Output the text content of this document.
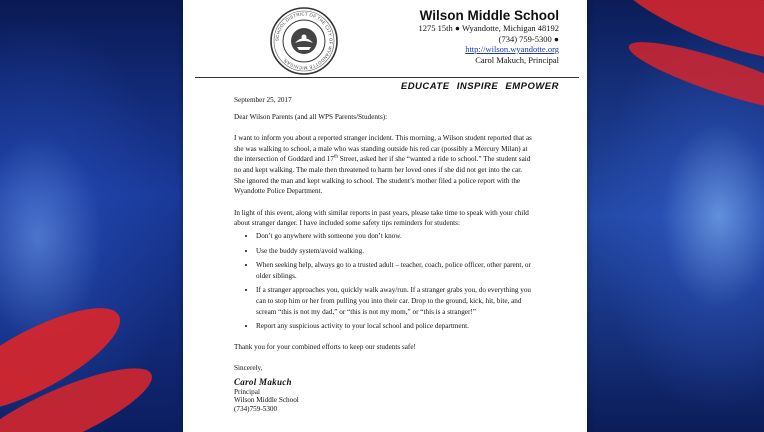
SCHOOL DISTRICT OF THE CITY OF WYANDOTTE MICHIGAN
Wilson Middle School
1275 15th ● Wyandotte, Michigan 48192
(734) 759-5300 ●
http://wilson.wyandotte.org
Carol Makuch, Principal
EDUCATE INSPIRE EMPOWER

September 25, 2017

Dear Wilson Parents (and all WPS Parents/Students):

I want to inform you about a reported stranger incident. This morning, a Wilson student reported that as she was walking to school, a male who was standing outside his red car (possibly a Mercury Milan) at the intersection of Goddard and 17th Street, asked her if she “wanted a ride to school.” The student said no and kept walking. The male then threatened to harm her loved ones if she did not get into the car. She ignored the man and kept walking to school. The student’s mother filed a police report with the Wyandotte Police Department.

In light of this event, along with similar reports in past years, please take time to speak with your child about stranger danger. I have included some safety tips reminders for students:

• Don’t go anywhere with someone you don’t know.
• Use the buddy system/avoid walking.
• When seeking help, always go to a trusted adult – teacher, coach, police officer, other parent, or older siblings.
• If a stranger approaches you, quickly walk away/run. If a stranger grabs you, do everything you can to stop him or her from pulling you into their car. Drop to the ground, kick, hit, bite, and scream “this is not my dad,” or “this is not my mom,” or “this is a stranger!”
• Report any suspicious activity to your local school and police department.

Thank you for your combined efforts to keep our students safe!

Sincerely,

Carol Makuch

Principal
Wilson Middle School
(734)759-5300
